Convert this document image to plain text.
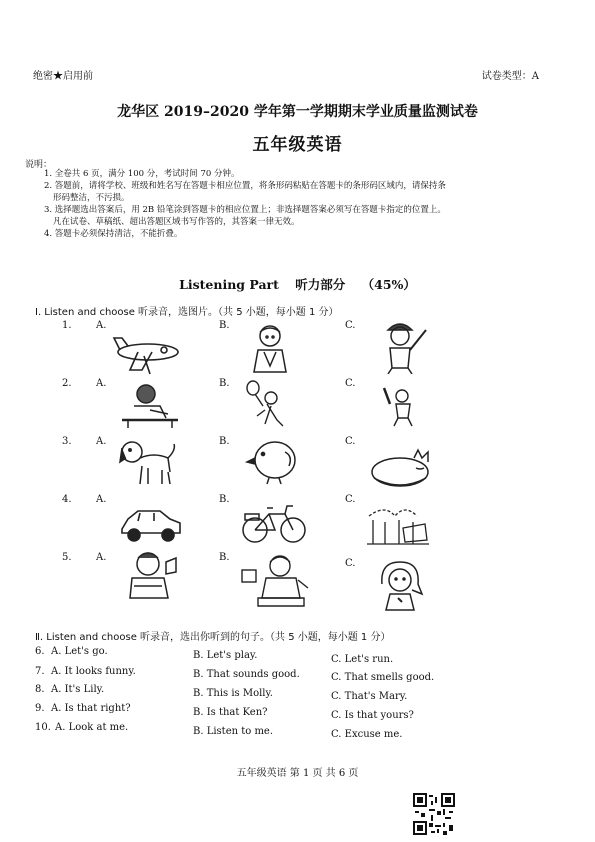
绝密★启用前	试卷类型：A
龙华区 2019–2020 学年第一学期期末学业质量监测试卷
五年级英语
说明：
1. 全卷共 6 页，满分 100 分，考试时间 70 分钟。
2. 答题前，请将学校、班级和姓名写在答题卡相应位置，将条形码粘贴在答题卡的条形码区域内，请保持条
形码整洁，不污损。
3. 选择题选出答案后，用 2B 铅笔涂到答题卡的相应位置上；非选择题答案必须写在答题卡指定的位置上。
凡在试卷、草稿纸、超出答题区域书写作答的，其答案一律无效。
4. 答题卡必须保持清洁，不能折叠。
Listening Part 听力部分 （45%）
Ⅰ. Listen and choose 听录音，选图片。（共 5 小题，每小题 1 分）
1. A.	B.	C.
2. A.	B.	C.
3. A.	B.	C.
4. A.	B.	C.
5. A.	B.
C.
Ⅱ. Listen and choose 听录音，选出你听到的句子。（共 5 小题，每小题 1 分）
6. A. Let's go.	B. Let's play.	C. Let's run.
7. A. It looks funny.	B. That sounds good.	C. That smells good.
8. A. It's Lily.	B. This is Molly.	C. That's Mary.
9. A. Is that right?	B. Is that Ken?	C. Is that yours?
10. A. Look at me.	B. Listen to me.	C. Excuse me.
五年级英语 第 1 页 共 6 页
